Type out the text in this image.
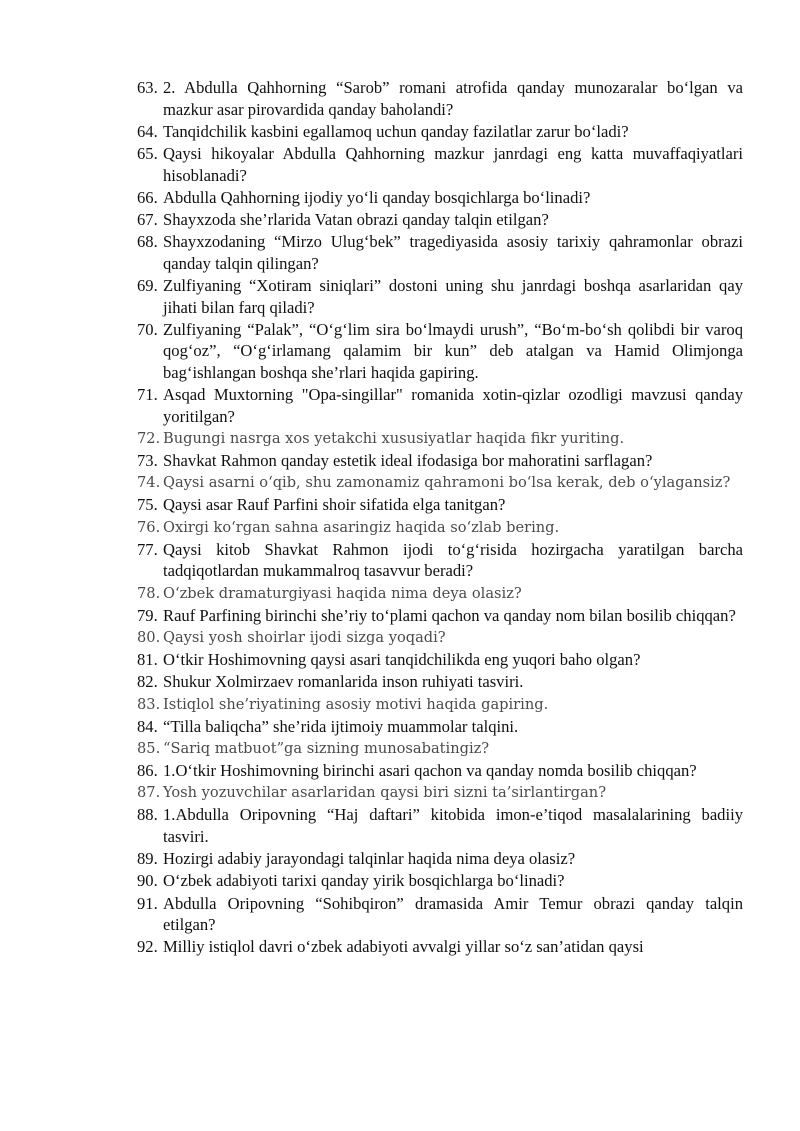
63. 2. Abdulla Qahhorning “Sarob” romani atrofida qanday munozaralar bo‘lgan va mazkur asar pirovardida qanday baholandi?
64. Tanqidchilik kasbini egallamoq uchun qanday fazilatlar zarur bo‘ladi?
65. Qaysi hikoyalar Abdulla Qahhorning mazkur janrdagi eng katta muvaffaqiyatlari hisoblanadi?
66. Abdulla Qahhorning ijodiy yo‘li qanday bosqichlarga bo‘linadi?
67. Shayxzoda she’rlarida Vatan obrazi qanday talqin etilgan?
68. Shayxzodaning “Mirzo Ulug‘bek” tragediyasida asosiy tarixiy qahramonlar obrazi qanday talqin qilingan?
69. Zulfiyaning “Xotiram siniqlari” dostoni uning shu janrdagi boshqa asarlaridan qay jihati bilan farq qiladi?
70. Zulfiyaning “Palak”, “O‘g‘lim sira bo‘lmaydi urush”, “Bo‘m-bo‘sh qolibdi bir varoq qog‘oz”, “O‘g‘irlamang qalamim bir kun” deb atalgan va Hamid Olimjonga bag‘ishlangan boshqa she’rlari haqida gapiring.
71. Asqad Muxtorning "Opa-singillar" romanida xotin-qizlar ozodligi mavzusi qanday yoritilgan?
72. Bugungi nasrga xos yetakchi xususiyatlar haqida fikr yuriting.
73. Shavkat Rahmon qanday estetik ideal ifodasiga bor mahoratini sarflagan?
74. Qaysi asarni o‘qib, shu zamonamiz qahramoni bo‘lsa kerak, deb o‘ylagansiz?
75. Qaysi asar Rauf Parfini shoir sifatida elga tanitgan?
76. Oxirgi ko‘rgan sahna asaringiz haqida so‘zlab bering.
77. Qaysi kitob Shavkat Rahmon ijodi to‘g‘risida hozirgacha yaratilgan barcha tadqiqotlardan mukammalroq tasavvur beradi?
78. O‘zbek dramaturgiyasi haqida nima deya olasiz?
79. Rauf Parfining birinchi she’riy to‘plami qachon va qanday nom bilan bosilib chiqqan?
80. Qaysi yosh shoirlar ijodi sizga yoqadi?
81. O‘tkir Hoshimovning qaysi asari tanqidchilikda eng yuqori baho olgan?
82. Shukur Xolmirzaev romanlarida inson ruhiyati tasviri.
83. Istiqlol she’riyatining asosiy motivi haqida gapiring.
84. “Tilla baliqcha” she’rida ijtimoiy muammolar talqini.
85. “Sariq matbuot”ga sizning munosabatingiz?
86. 1.O‘tkir Hoshimovning birinchi asari qachon va qanday nomda bosilib chiqqan?
87. Yosh yozuvchilar asarlaridan qaysi biri sizni ta’sirlantirgan?
88. 1.Abdulla Oripovning “Haj daftari” kitobida imon-e’tiqod masalalarining badiiy tasviri.
89. Hozirgi adabiy jarayondagi talqinlar haqida nima deya olasiz?
90. O‘zbek adabiyoti tarixi qanday yirik bosqichlarga bo‘linadi?
91. Abdulla Oripovning “Sohibqiron” dramasida Amir Temur obrazi qanday talqin etilgan?
92. Milliy istiqlol davri o‘zbek adabiyoti avvalgi yillar so‘z san’atidan qaysi
